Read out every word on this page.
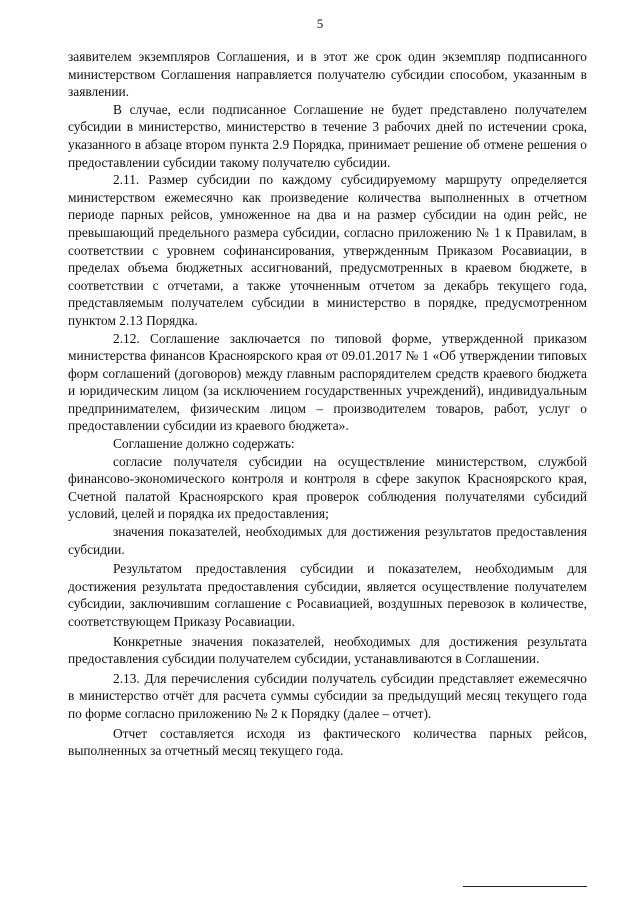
5

заявителем экземпляров Соглашения, и в этот же срок один экземпляр подписанного министерством Соглашения направляется получателю субсидии способом, указанным в заявлении.

В случае, если подписанное Соглашение не будет представлено получателем субсидии в министерство, министерство в течение 3 рабочих дней по истечении срока, указанного в абзаце втором пункта 2.9 Порядка, принимает решение об отмене решения о предоставлении субсидии такому получателю субсидии.

2.11. Размер субсидии по каждому субсидируемому маршруту определяется министерством ежемесячно как произведение количества выполненных в отчетном периоде парных рейсов, умноженное на два и на размер субсидии на один рейс, не превышающий предельного размера субсидии, согласно приложению № 1 к Правилам, в соответствии с уровнем софинансирования, утвержденным Приказом Росавиации, в пределах объема бюджетных ассигнований, предусмотренных в краевом бюджете, в соответствии с отчетами, а также уточненным отчетом за декабрь текущего года, представляемым получателем субсидии в министерство в порядке, предусмотренном пунктом 2.13 Порядка.

2.12. Соглашение заключается по типовой форме, утвержденной приказом министерства финансов Красноярского края от 09.01.2017 № 1 «Об утверждении типовых форм соглашений (договоров) между главным распорядителем средств краевого бюджета и юридическим лицом (за исключением государственных учреждений), индивидуальным предпринимателем, физическим лицом – производителем товаров, работ, услуг о предоставлении субсидии из краевого бюджета».

Соглашение должно содержать:

согласие получателя субсидии на осуществление министерством, службой финансово-экономического контроля и контроля в сфере закупок Красноярского края, Счетной палатой Красноярского края проверок соблюдения получателями субсидий условий, целей и порядка их предоставления;

значения показателей, необходимых для достижения результатов предоставления субсидии.

Результатом предоставления субсидии и показателем, необходимым для достижения результата предоставления субсидии, является осуществление получателем субсидии, заключившим соглашение с Росавиацией, воздушных перевозок в количестве, соответствующем Приказу Росавиации.

Конкретные значения показателей, необходимых для достижения результата предоставления субсидии получателем субсидии, устанавливаются в Соглашении.

2.13. Для перечисления субсидии получатель субсидии представляет ежемесячно в министерство отчёт для расчета суммы субсидии за предыдущий месяц текущего года по форме согласно приложению № 2 к Порядку (далее – отчет).

Отчет составляется исходя из фактического количества парных рейсов, выполненных за отчетный месяц текущего года.
